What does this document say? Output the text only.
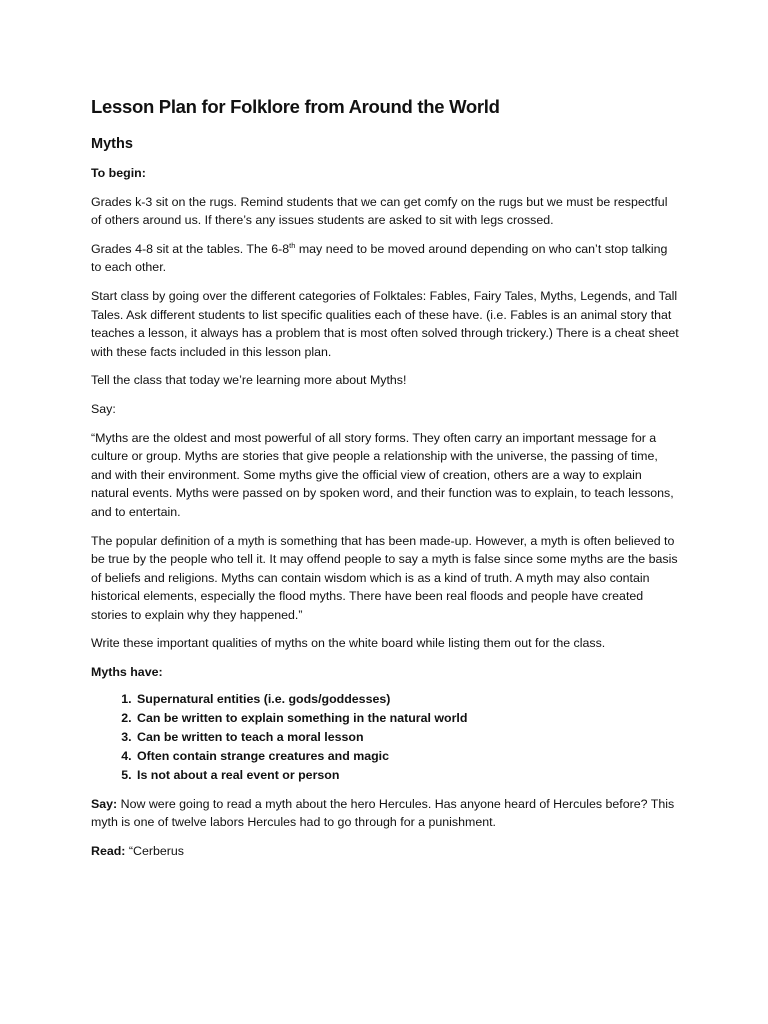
Lesson Plan for Folklore from Around the World
Myths

To begin:

Grades k-3 sit on the rugs. Remind students that we can get comfy on the rugs but we must be respectful of others around us. If there’s any issues students are asked to sit with legs crossed.

Grades 4-8 sit at the tables. The 6-8th may need to be moved around depending on who can’t stop talking to each other.

Start class by going over the different categories of Folktales: Fables, Fairy Tales, Myths, Legends, and Tall Tales. Ask different students to list specific qualities each of these have. (i.e. Fables is an animal story that teaches a lesson, it always has a problem that is most often solved through trickery.) There is a cheat sheet with these facts included in this lesson plan.

Tell the class that today we’re learning more about Myths!

Say:

“Myths are the oldest and most powerful of all story forms. They often carry an important message for a culture or group. Myths are stories that give people a relationship with the universe, the passing of time, and with their environment. Some myths give the official view of creation, others are a way to explain natural events. Myths were passed on by spoken word, and their function was to explain, to teach lessons, and to entertain.

The popular definition of a myth is something that has been made-up. However, a myth is often believed to be true by the people who tell it. It may offend people to say a myth is false since some myths are the basis of beliefs and religions. Myths can contain wisdom which is as a kind of truth. A myth may also contain historical elements, especially the flood myths. There have been real floods and people have created stories to explain why they happened.”

Write these important qualities of myths on the white board while listing them out for the class.

Myths have:

1. Supernatural entities (i.e. gods/goddesses)
2. Can be written to explain something in the natural world
3. Can be written to teach a moral lesson
4. Often contain strange creatures and magic
5. Is not about a real event or person

Say: Now were going to read a myth about the hero Hercules. Has anyone heard of Hercules before? This myth is one of twelve labors Hercules had to go through for a punishment.

Read: “Cerberus
